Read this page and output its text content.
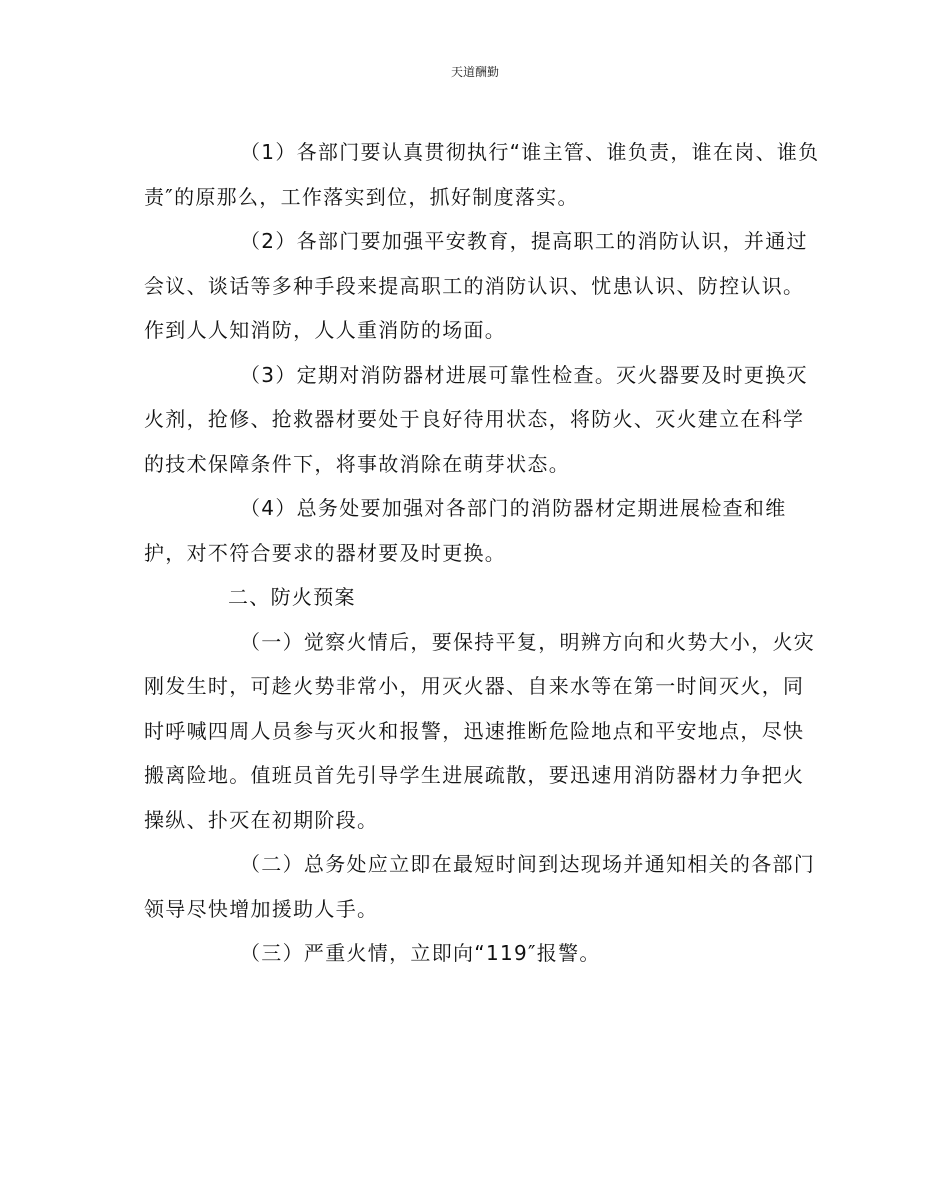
天道酬勤

（1）各部门要认真贯彻执行“谁主管、谁负责，谁在岗、谁负责″的原那么，工作落实到位，抓好制度落实。

（2）各部门要加强平安教育，提高职工的消防认识，并通过会议、谈话等多种手段来提高职工的消防认识、忧患认识、防控认识。作到人人知消防，人人重消防的场面。

（3）定期对消防器材进展可靠性检查。灭火器要及时更换灭火剂，抢修、抢救器材要处于良好待用状态，将防火、灭火建立在科学的技术保障条件下，将事故消除在萌芽状态。

（4）总务处要加强对各部门的消防器材定期进展检查和维护，对不符合要求的器材要及时更换。

二、防火预案

（一）觉察火情后，要保持平复，明辨方向和火势大小，火灾刚发生时，可趁火势非常小，用灭火器、自来水等在第一时间灭火，同时呼喊四周人员参与灭火和报警，迅速推断危险地点和平安地点，尽快搬离险地。值班员首先引导学生进展疏散，要迅速用消防器材力争把火操纵、扑灭在初期阶段。

（二）总务处应立即在最短时间到达现场并通知相关的各部门领导尽快增加援助人手。

（三）严重火情，立即向“119″报警。
